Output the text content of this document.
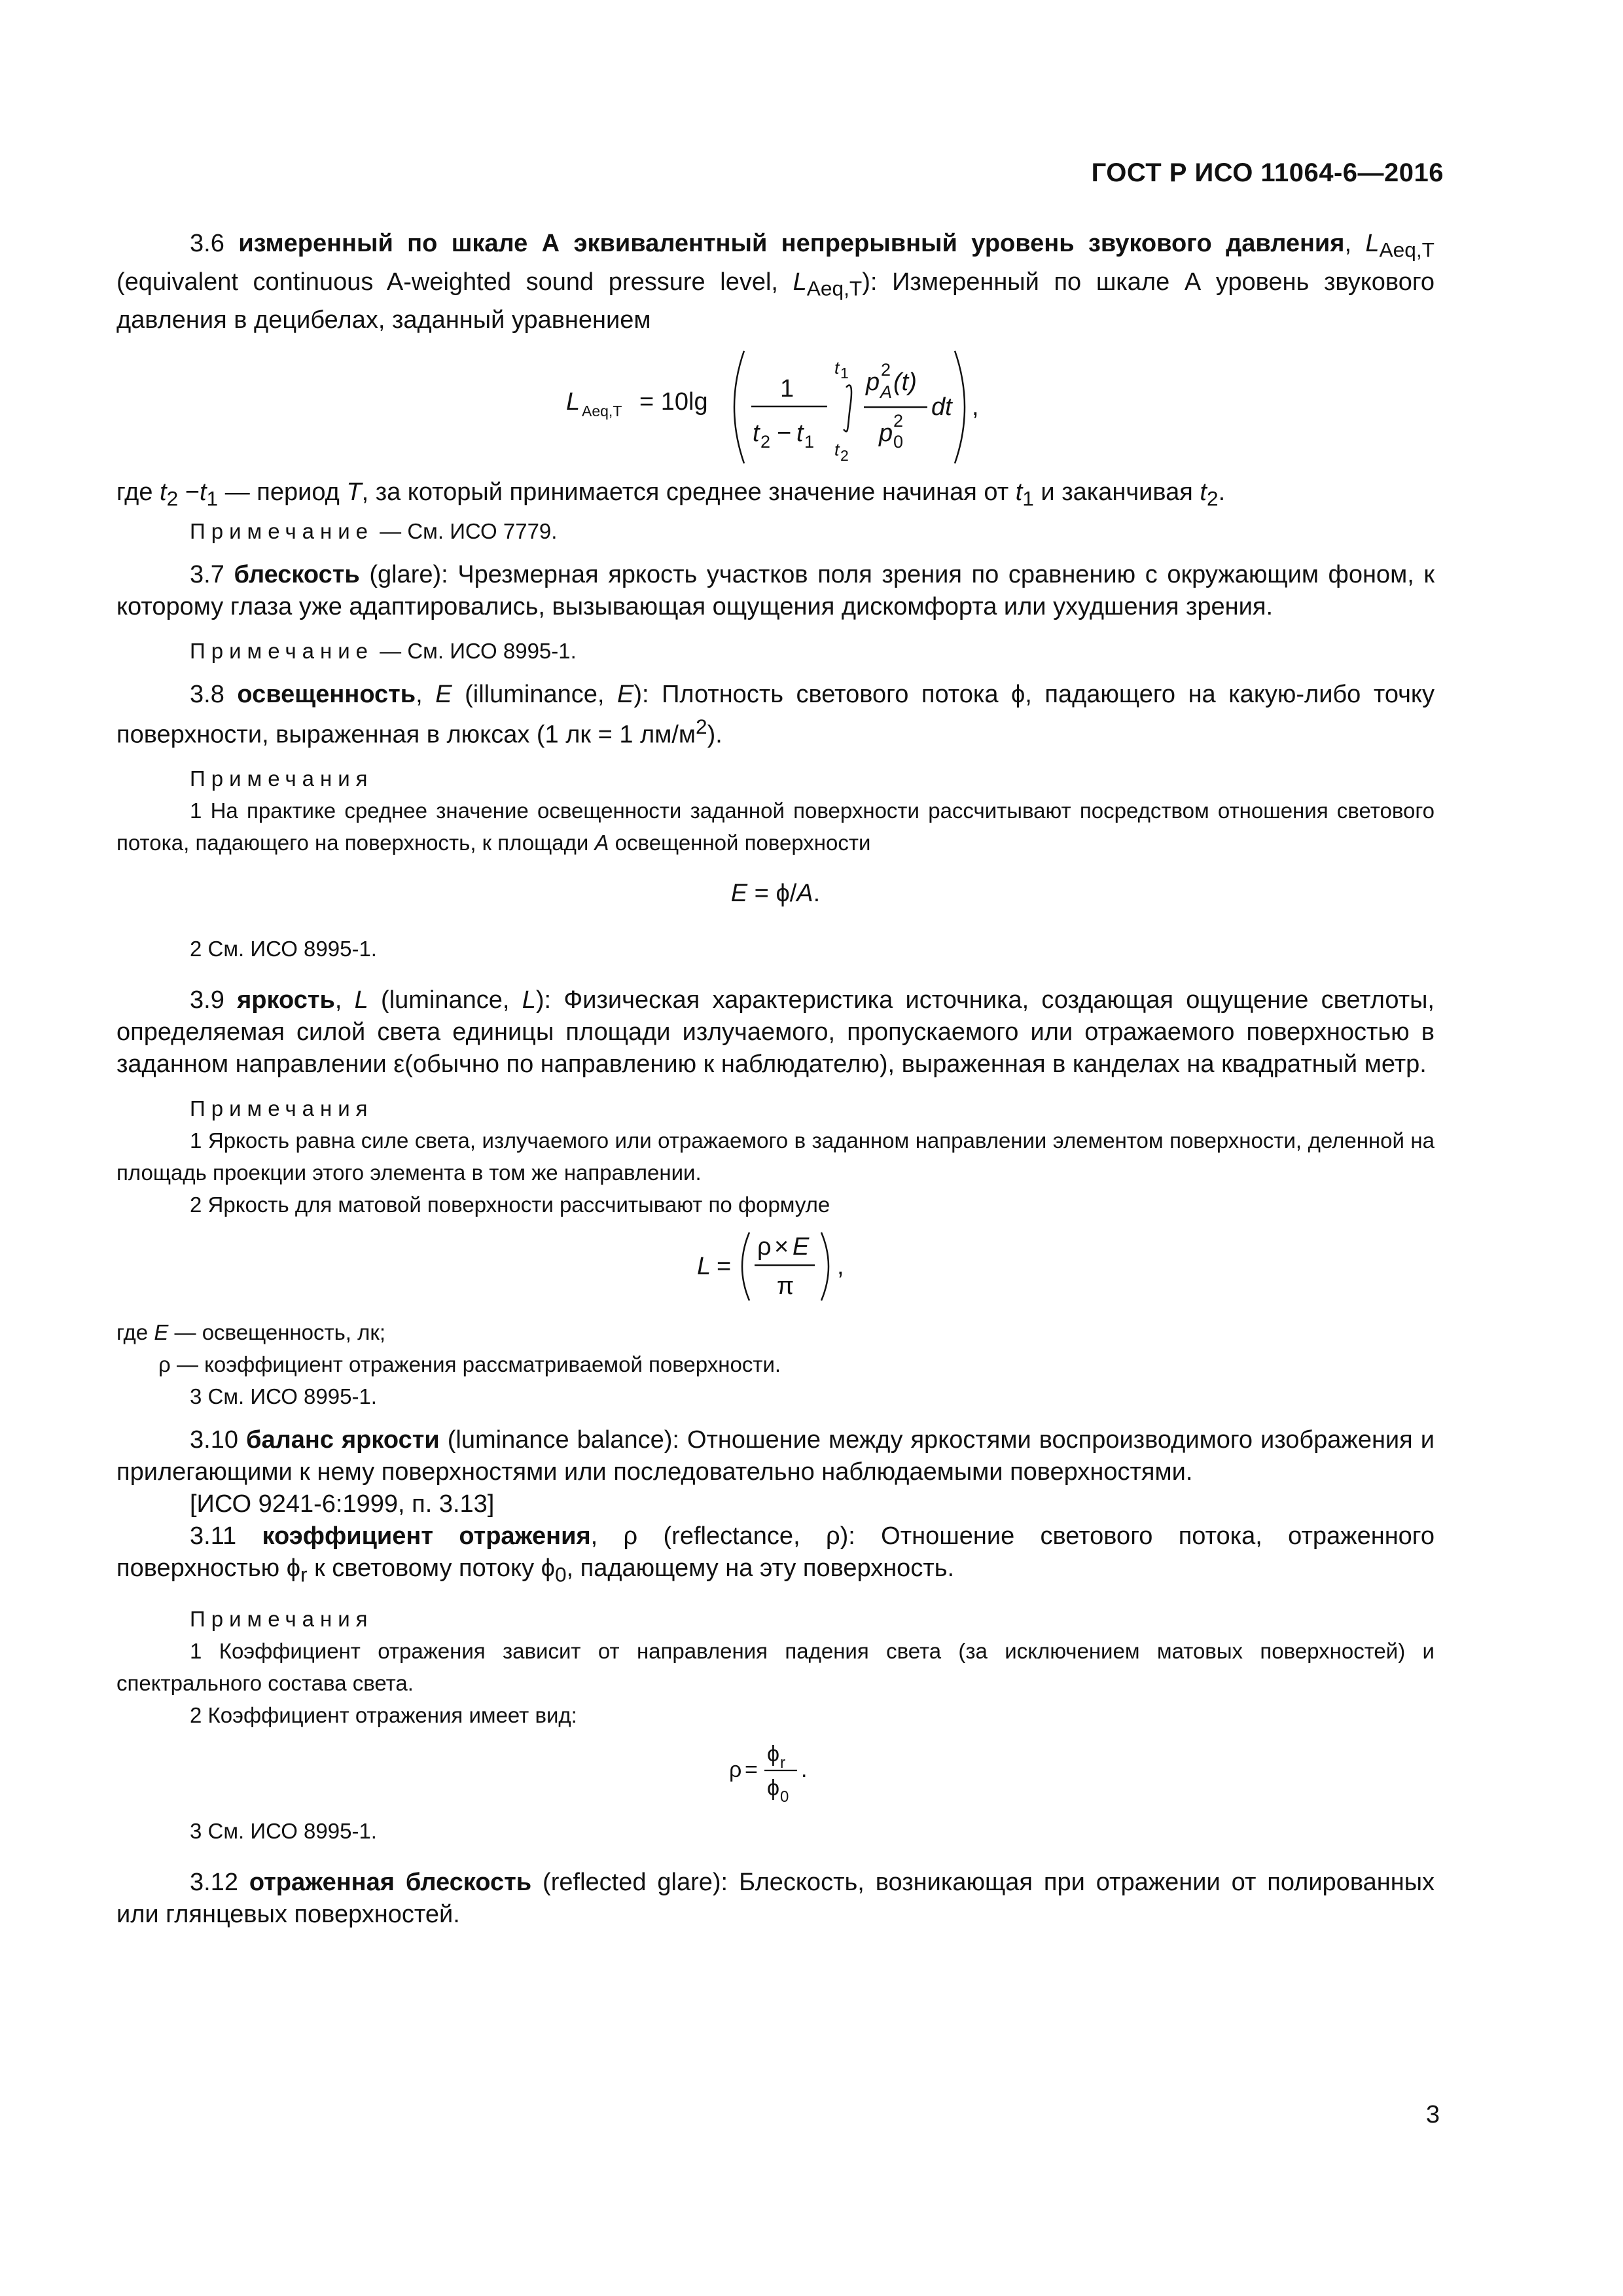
ГОСТ Р ИСО 11064-6—2016

3.6 измеренный по шкале А эквивалентный непрерывный уровень звукового давления, $L_{Aeq,T}$ (equivalent continuous A-weighted sound pressure level, $L_{Aeq,T}$): Измеренный по шкале А уровень звукового давления в децибелах, заданный уравнением

L Aeq,T = 10lg	1
t 2 − t 1
t 1
t 2
p 2
A (t)
p 2
0
dt ,

где $t_2 -t_1$ — период T, за который принимается среднее значение начиная от $t_1$ и заканчивая $t_2$.

Примечание — См. ИСО 7779.

3.7 блескость (glare): Чрезмерная яркость участков поля зрения по сравнению с окружающим фоном, к которому глаза уже адаптировались, вызывающая ощущения дискомфорта или ухудшения зрения.

Примечание — См. ИСО 8995-1.

3.8 освещенность, E (illuminance, E): Плотность светового потока ϕ, падающего на какую-либо точку поверхности, выраженная в люксах (1 лк = 1 $лм/м^2$).

Примечания

1 На практике среднее значение освещенности заданной поверхности рассчитывают посредством отношения светового потока, падающего на поверхность, к площади A освещенной поверхности

E = ϕ/A.

2 См. ИСО 8995-1.

3.9 яркость, L (luminance, L): Физическая характеристика источника, создающая ощущение светлоты, определяемая силой света единицы площади излучаемого, пропускаемого или отражаемого поверхностью в заданном направлении ε(обычно по направлению к наблюдателю), выраженная в канделах на квадратный метр.

Примечания

1 Яркость равна силе света, излучаемого или отражаемого в заданном направлении элементом поверхности, деленной на площадь проекции этого элемента в том же направлении.

2 Яркость для матовой поверхности рассчитывают по формуле

L =
ρ × E
π
,

где E — освещенность, лк;

ρ — коэффициент отражения рассматриваемой поверхности.

3 См. ИСО 8995-1.

3.10 баланс яркости (luminance balance): Отношение между яркостями воспроизводимого изображения и прилегающими к нему поверхностями или последовательно наблюдаемыми поверхностями.

[ИСО 9241-6:1999, п. 3.13]

3.11 коэффициент отражения, ρ (reflectance, ρ): Отношение светового потока, отраженного поверхностью $\phi_r$ к световому потоку $\phi_0$, падающему на эту поверхность.

Примечания

1 Коэффициент отражения зависит от направления падения света (за исключением матовых поверхностей) и спектрального состава света.

2 Коэффициент отражения имеет вид:

ρ =
ϕ r
ϕ 0
.

3 См. ИСО 8995-1.

3.12 отраженная блескость (reflected glare): Блескость, возникающая при отражении от полированных или глянцевых поверхностей.

3
